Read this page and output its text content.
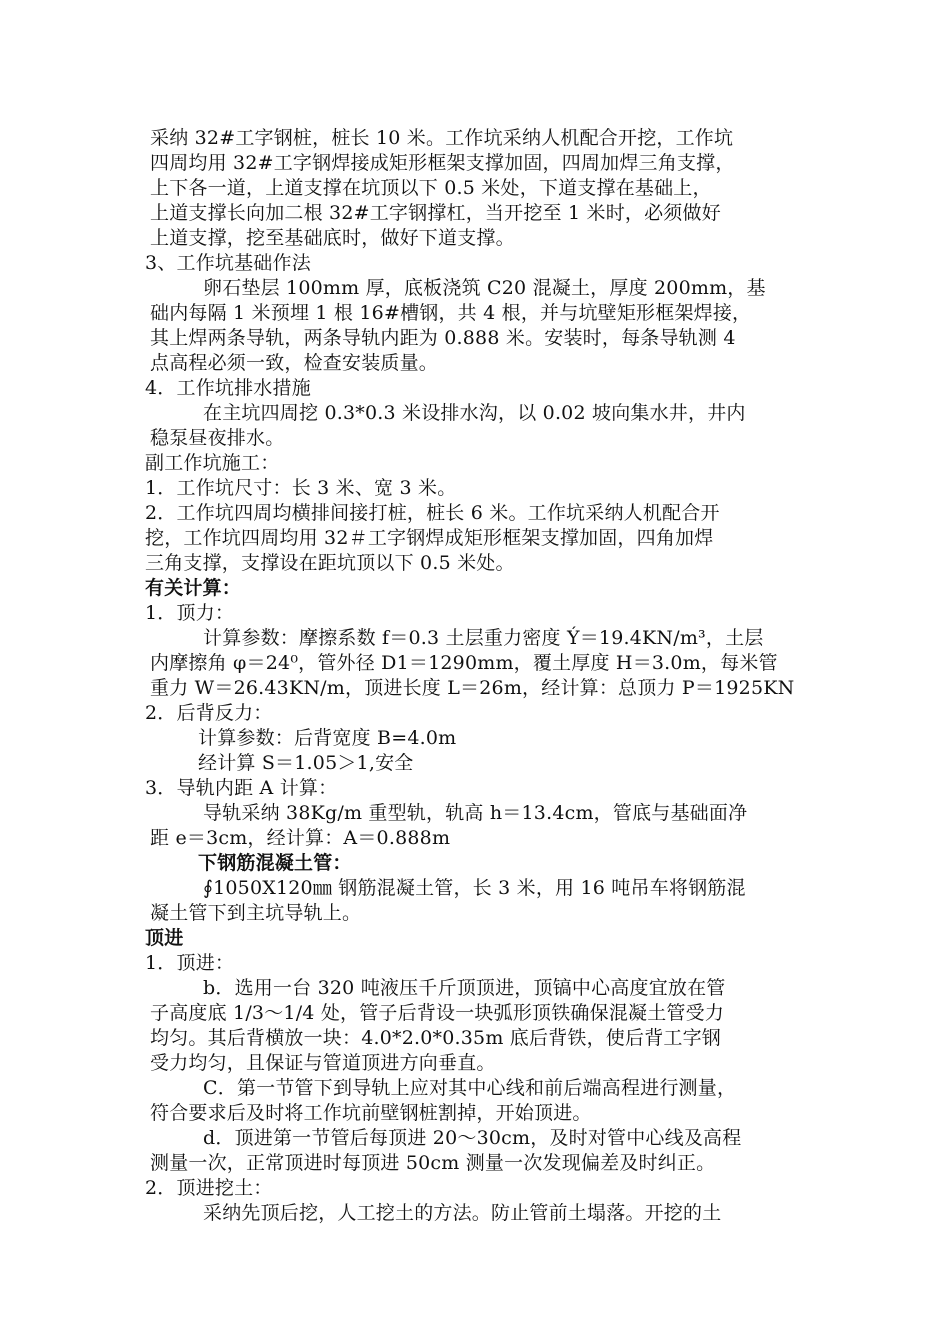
采纳 32#工字钢桩，桩长 10 米。工作坑采纳人机配合开挖，工作坑
四周均用 32#工字钢焊接成矩形框架支撑加固，四周加焊三角支撑，
上下各一道，上道支撑在坑顶以下 0.5 米处，下道支撑在基础上，
上道支撑长向加二根 32#工字钢撑杠，当开挖至 1 米时，必须做好
上道支撑，挖至基础底时，做好下道支撑。
3、工作坑基础作法
卵石垫层 100mm 厚，底板浇筑 C20 混凝土，厚度 200mm，基
础内每隔 1 米预埋 1 根 16#槽钢，共 4 根，并与坑壁矩形框架焊接，
其上焊两条导轨，两条导轨内距为 0.888 米。安装时，每条导轨测 4
点高程必须一致，检查安装质量。
4．工作坑排水措施
在主坑四周挖 0.3*0.3 米设排水沟，以 0.02 坡向集水井，井内
稳泵昼夜排水。
副工作坑施工：
1．工作坑尺寸：长 3 米、宽 3 米。
2．工作坑四周均横排间接打桩，桩长 6 米。工作坑采纳人机配合开
挖，工作坑四周均用 32＃工字钢焊成矩形框架支撑加固，四角加焊
三角支撑，支撑设在距坑顶以下 0.5 米处。
有关计算：
1．顶力：
计算参数：摩擦系数 f＝0.3 土层重力密度 Ý＝19.4KN/m³，土层
内摩擦角 φ＝24⁰，管外径 D1＝1290mm，覆土厚度 H＝3.0m，每米管
重力 W＝26.43KN/m，顶进长度 L＝26m，经计算：总顶力 P＝1925KN
2．后背反力：
计算参数：后背宽度 B=4.0m
经计算 S＝1.05＞1,安全
3．导轨内距 A 计算：
导轨采纳 38Kg/m 重型轨，轨高 h＝13.4cm，管底与基础面净
距 e＝3cm，经计算：A＝0.888m
下钢筋混凝土管：
∮1050X120㎜ 钢筋混凝土管，长 3 米，用 16 吨吊车将钢筋混
凝土管下到主坑导轨上。
顶进
1．顶进：
b．选用一台 320 吨液压千斤顶顶进，顶镐中心高度宜放在管
子高度底 1/3～1/4 处，管子后背设一块弧形顶铁确保混凝土管受力
均匀。其后背横放一块：4.0*2.0*0.35m 底后背铁，使后背工字钢
受力均匀，且保证与管道顶进方向垂直。
C．第一节管下到导轨上应对其中心线和前后端高程进行测量，
符合要求后及时将工作坑前壁钢桩割掉，开始顶进。
d．顶进第一节管后每顶进 20～30cm，及时对管中心线及高程
测量一次，正常顶进时每顶进 50cm 测量一次发现偏差及时纠正。
2．顶进挖土：
采纳先顶后挖，人工挖土的方法。防止管前土塌落。开挖的土
